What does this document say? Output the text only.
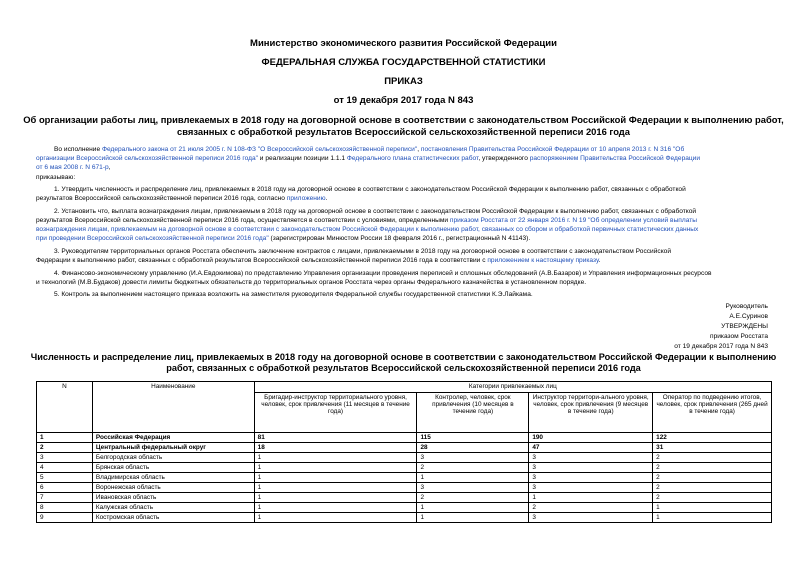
Министерство экономического развития Российской Федерации
ФЕДЕРАЛЬНАЯ СЛУЖБА ГОСУДАРСТВЕННОЙ СТАТИСТИКИ
ПРИКАЗ
от 19 декабря 2017 года N 843
Об организации работы лиц, привлекаемых в 2018 году на договорной основе в соответствии с законодательством Российской Федерации к выполнению работ,
связанных с обработкой результатов Всероссийской сельскохозяйственной переписи 2016 года
Во исполнение Федерального закона от 21 июля 2005 г. N 108-ФЗ "О Всероссийской сельскохозяйственной переписи", постановления Правительства Российской Федерации от 10 апреля 2013 г. N 316 "Об
организации Всероссийской сельскохозяйственной переписи 2016 года" и реализации позиции 1.1.1 Федерального плана статистических работ, утвержденного распоряжением Правительства Российской Федерации
от 6 мая 2008 г. N 671-р,
приказываю:
1. Утвердить численность и распределение лиц, привлекаемых в 2018 году на договорной основе в соответствии с законодательством Российской Федерации к выполнению работ, связанных с обработкой
результатов Всероссийской сельскохозяйственной переписи 2016 года, согласно приложению.
2. Установить что, выплата вознаграждения лицам, привлекаемым в 2018 году на договорной основе в соответствии с законодательством Российской Федерации к выполнению работ, связанных с обработкой
результатов Всероссийской сельскохозяйственной переписи 2016 года, осуществляется в соответствии с условиями, определенными приказом Росстата от 22 января 2016 г. N 19 "Об определении условий выплаты
вознаграждения лицам, привлекаемым на договорной основе в соответствии с законодательством Российской Федерации к выполнению работ, связанных со сбором и обработкой первичных статистических данных
при проведении Всероссийской сельскохозяйственной переписи 2016 года" (зарегистрирован Минюстом России 18 февраля 2016 г., регистрационный N 41143).
3. Руководителям территориальных органов Росстата обеспечить заключение контрактов с лицами, привлекаемыми в 2018 году на договорной основе в соответствии с законодательством Российской
Федерации к выполнению работ, связанных с обработкой результатов Всероссийской сельскохозяйственной переписи 2016 года в соответствии с приложением к настоящему приказу.
4. Финансово-экономическому управлению (И.А.Евдокимова) по представлению Управления организации проведения переписей и сплошных обследований (А.В.Базаров) и Управления информационных ресурсов
и технологий (М.В.Будаков) довести лимиты бюджетных обязательств до территориальных органов Росстата через органы Федерального казначейства в установленном порядке.
5. Контроль за выполнением настоящего приказа возложить на заместителя руководителя Федеральной службы государственной статистики К.Э.Лайкама.
Руководитель
А.Е.Суринов
УТВЕРЖДЕНЫ
приказом Росстата
от 19 декабря 2017 года N 843
Численность и распределение лиц, привлекаемых в 2018 году на договорной основе в соответствии с законодательством Российской Федерации к выполнению
работ, связанных с обработкой результатов Всероссийской сельскохозяйственной переписи 2016 года
N	Наименование	Категории привлекаемых лиц			
		Бригадир-инструктор территориального уровня, человек, срок привлечения (11 месяцев в течение года)	Контролер, человек, срок привлечения (10 месяцев в течение года)	Инструктор территори-ального уровня, человек, срок привлечения (9 месяцев в течение года)	Оператор по подведению итогов, человек, срок привлечения (265 дней в течение года)
1	Российская Федерация	81	115	190	122
2	Центральный федеральный округ	18	28	47	31
3	Белгородская область	1	3	3	2
4	Брянская область	1	2	3	2
5	Владимирская область	1	1	3	2
6	Воронежская область	1	3	3	2
7	Ивановская область	1	2	1	2
8	Калужская область	1	1	2	1
9	Костромская область	1	1	3	1
